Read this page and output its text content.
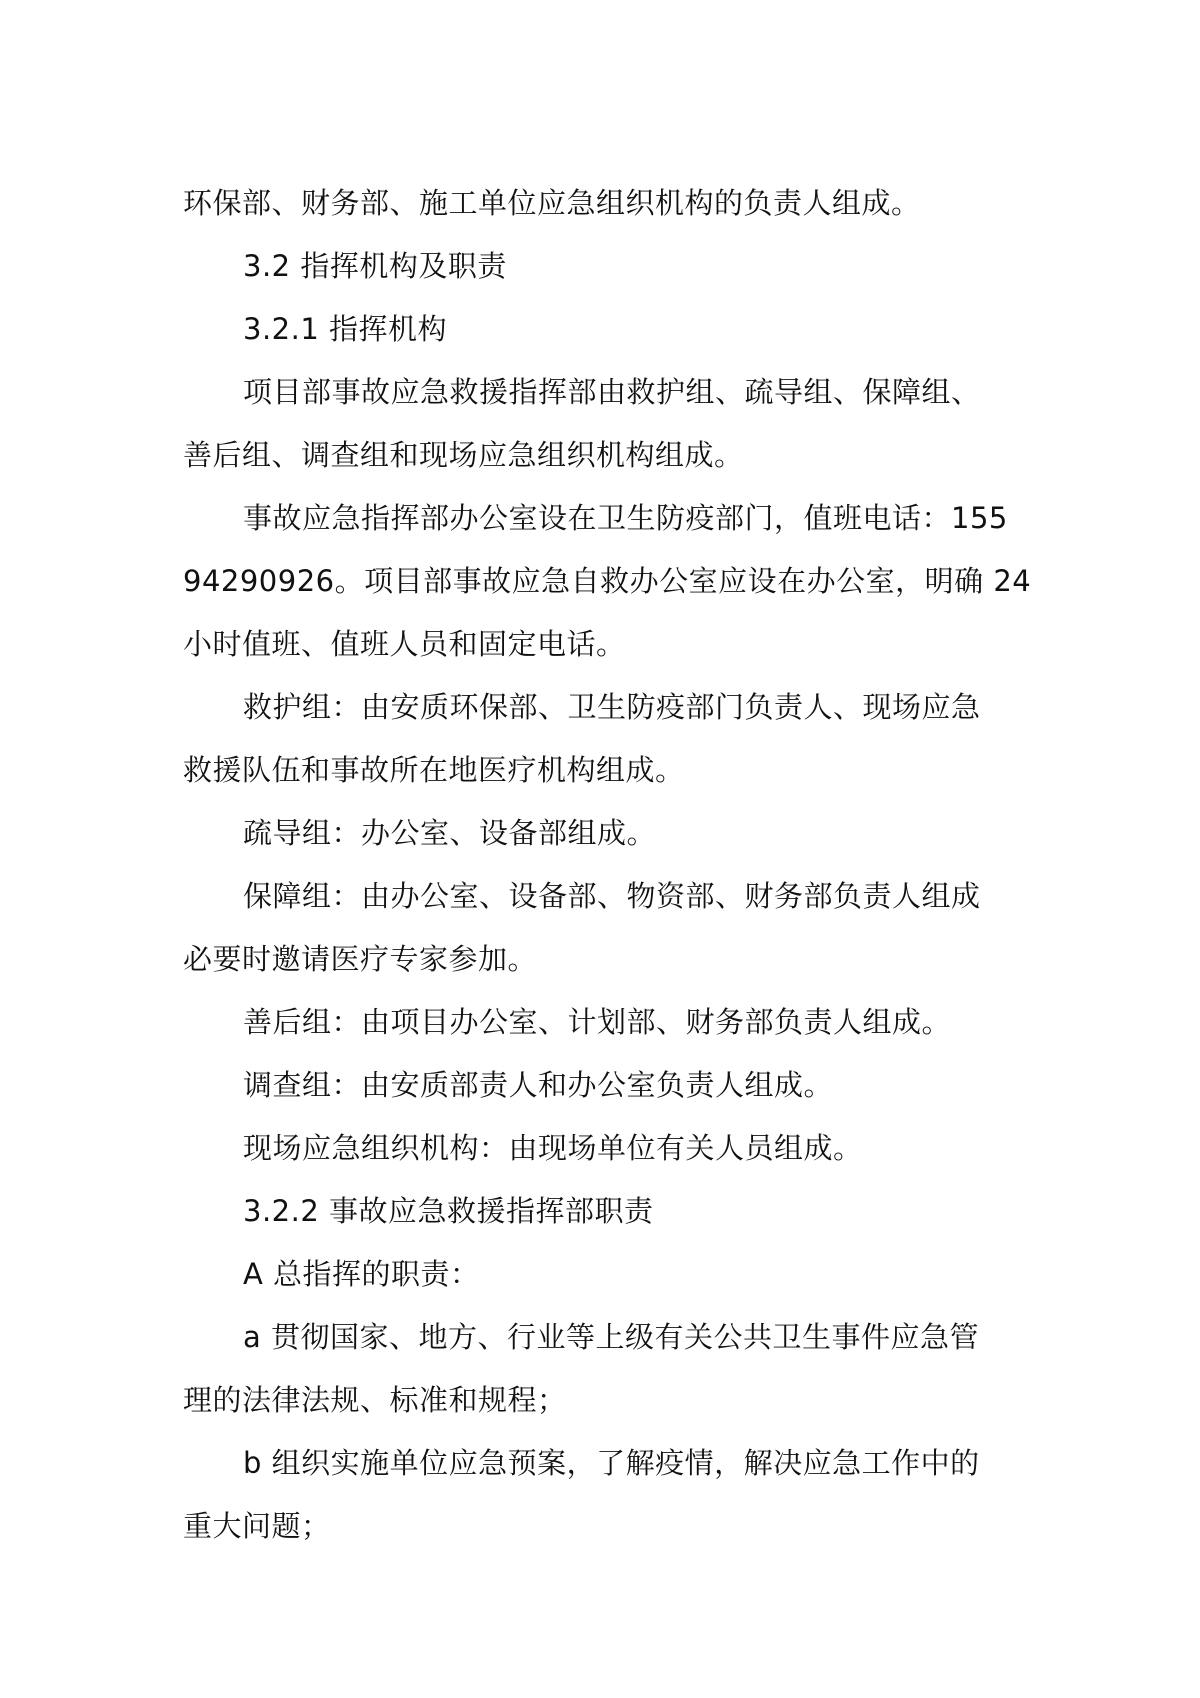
环保部、财务部、施工单位应急组织机构的负责人组成。
3.2 指挥机构及职责
3.2.1 指挥机构
项目部事故应急救援指挥部由救护组、疏导组、保障组、
善后组、调查组和现场应急组织机构组成。
事故应急指挥部办公室设在卫生防疫部门，值班电话：155
94290926。项目部事故应急自救办公室应设在办公室，明确 24
小时值班、值班人员和固定电话。
救护组：由安质环保部、卫生防疫部门负责人、现场应急
救援队伍和事故所在地医疗机构组成。
疏导组：办公室、设备部组成。
保障组：由办公室、设备部、物资部、财务部负责人组成
必要时邀请医疗专家参加。
善后组：由项目办公室、计划部、财务部负责人组成。
调查组：由安质部责人和办公室负责人组成。
现场应急组织机构：由现场单位有关人员组成。
3.2.2 事故应急救援指挥部职责
A 总指挥的职责：
a 贯彻国家、地方、行业等上级有关公共卫生事件应急管
理的法律法规、标准和规程；
b 组织实施单位应急预案，了解疫情，解决应急工作中的
重大问题；
